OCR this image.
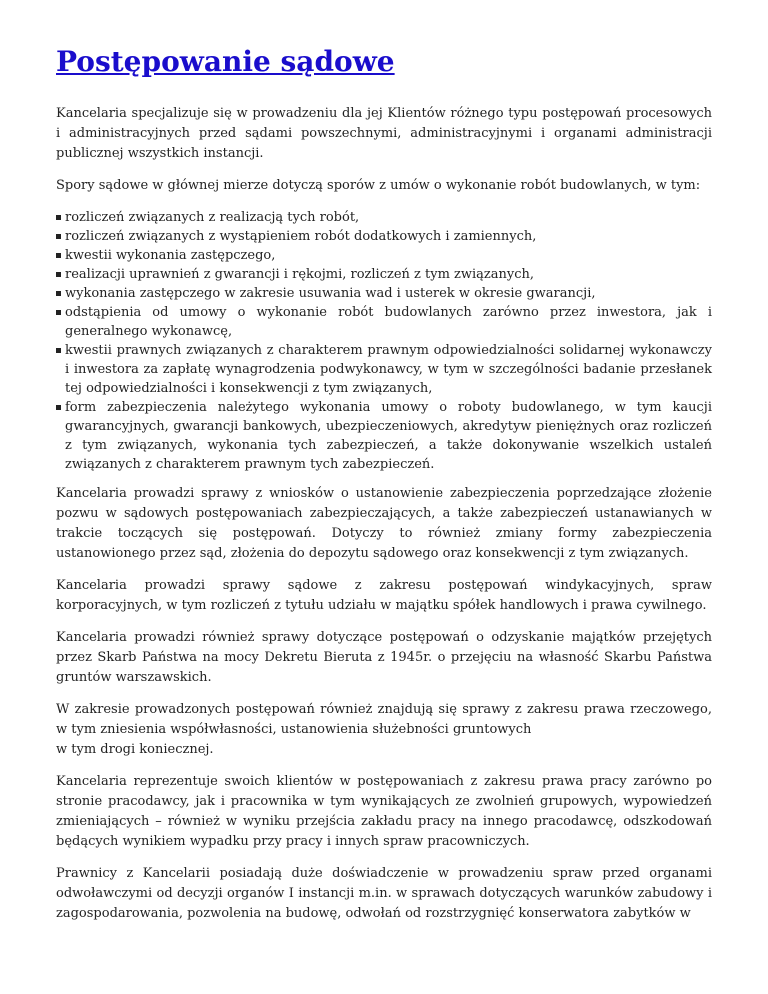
Postępowanie sądowe

Kancelaria specjalizuje się w prowadzeniu dla jej Klientów różnego typu postępowań procesowych i administracyjnych przed sądami powszechnymi, administracyjnymi i organami administracji publicznej wszystkich instancji.

Spory sądowe w głównej mierze dotyczą sporów z umów o wykonanie robót budowlanych, w tym:

rozliczeń związanych z realizacją tych robót,
rozliczeń związanych z wystąpieniem robót dodatkowych i zamiennych,
kwestii wykonania zastępczego,
realizacji uprawnień z gwarancji i rękojmi, rozliczeń z tym związanych,
wykonania zastępczego w zakresie usuwania wad i usterek w okresie gwarancji,
odstąpienia od umowy o wykonanie robót budowlanych zarówno przez inwestora, jak i generalnego wykonawcę,
kwestii prawnych związanych z charakterem prawnym odpowiedzialności solidarnej wykonawczy i inwestora za zapłatę wynagrodzenia podwykonawcy, w tym w szczególności badanie przesłanek tej odpowiedzialności i konsekwencji z tym związanych,
form zabezpieczenia należytego wykonania umowy o roboty budowlanego, w tym kaucji gwarancyjnych, gwarancji bankowych, ubezpieczeniowych, akredytyw pieniężnych oraz rozliczeń z tym związanych, wykonania tych zabezpieczeń, a także dokonywanie wszelkich ustaleń związanych z charakterem prawnym tych zabezpieczeń.

Kancelaria prowadzi sprawy z wniosków o ustanowienie zabezpieczenia poprzedzające złożenie pozwu w sądowych postępowaniach zabezpieczających, a także zabezpieczeń ustanawianych w trakcie toczących się postępowań. Dotyczy to również zmiany formy zabezpieczenia ustanowionego przez sąd, złożenia do depozytu sądowego oraz konsekwencji z tym związanych.

Kancelaria prowadzi sprawy sądowe z zakresu postępowań windykacyjnych, spraw korporacyjnych, w tym rozliczeń z tytułu udziału w majątku spółek handlowych i prawa cywilnego.

Kancelaria prowadzi również sprawy dotyczące postępowań o odzyskanie majątków przejętych przez Skarb Państwa na mocy Dekretu Bieruta z 1945r. o przejęciu na własność Skarbu Państwa gruntów warszawskich.

W zakresie prowadzonych postępowań również znajdują się sprawy z zakresu prawa rzeczowego, w tym zniesienia współwłasności, ustanowienia służebności gruntowych
w tym drogi koniecznej.

Kancelaria reprezentuje swoich klientów w postępowaniach z zakresu prawa pracy zarówno po stronie pracodawcy, jak i pracownika w tym wynikających ze zwolnień grupowych, wypowiedzeń zmieniających – również w wyniku przejścia zakładu pracy na innego pracodawcę, odszkodowań będących wynikiem wypadku przy pracy i innych spraw pracowniczych.

Prawnicy z Kancelarii posiadają duże doświadczenie w prowadzeniu spraw przed organami odwoławczymi od decyzji organów I instancji m.in. w sprawach dotyczących warunków zabudowy i zagospodarowania, pozwolenia na budowę, odwołań od rozstrzygnięć konserwatora zabytków w
